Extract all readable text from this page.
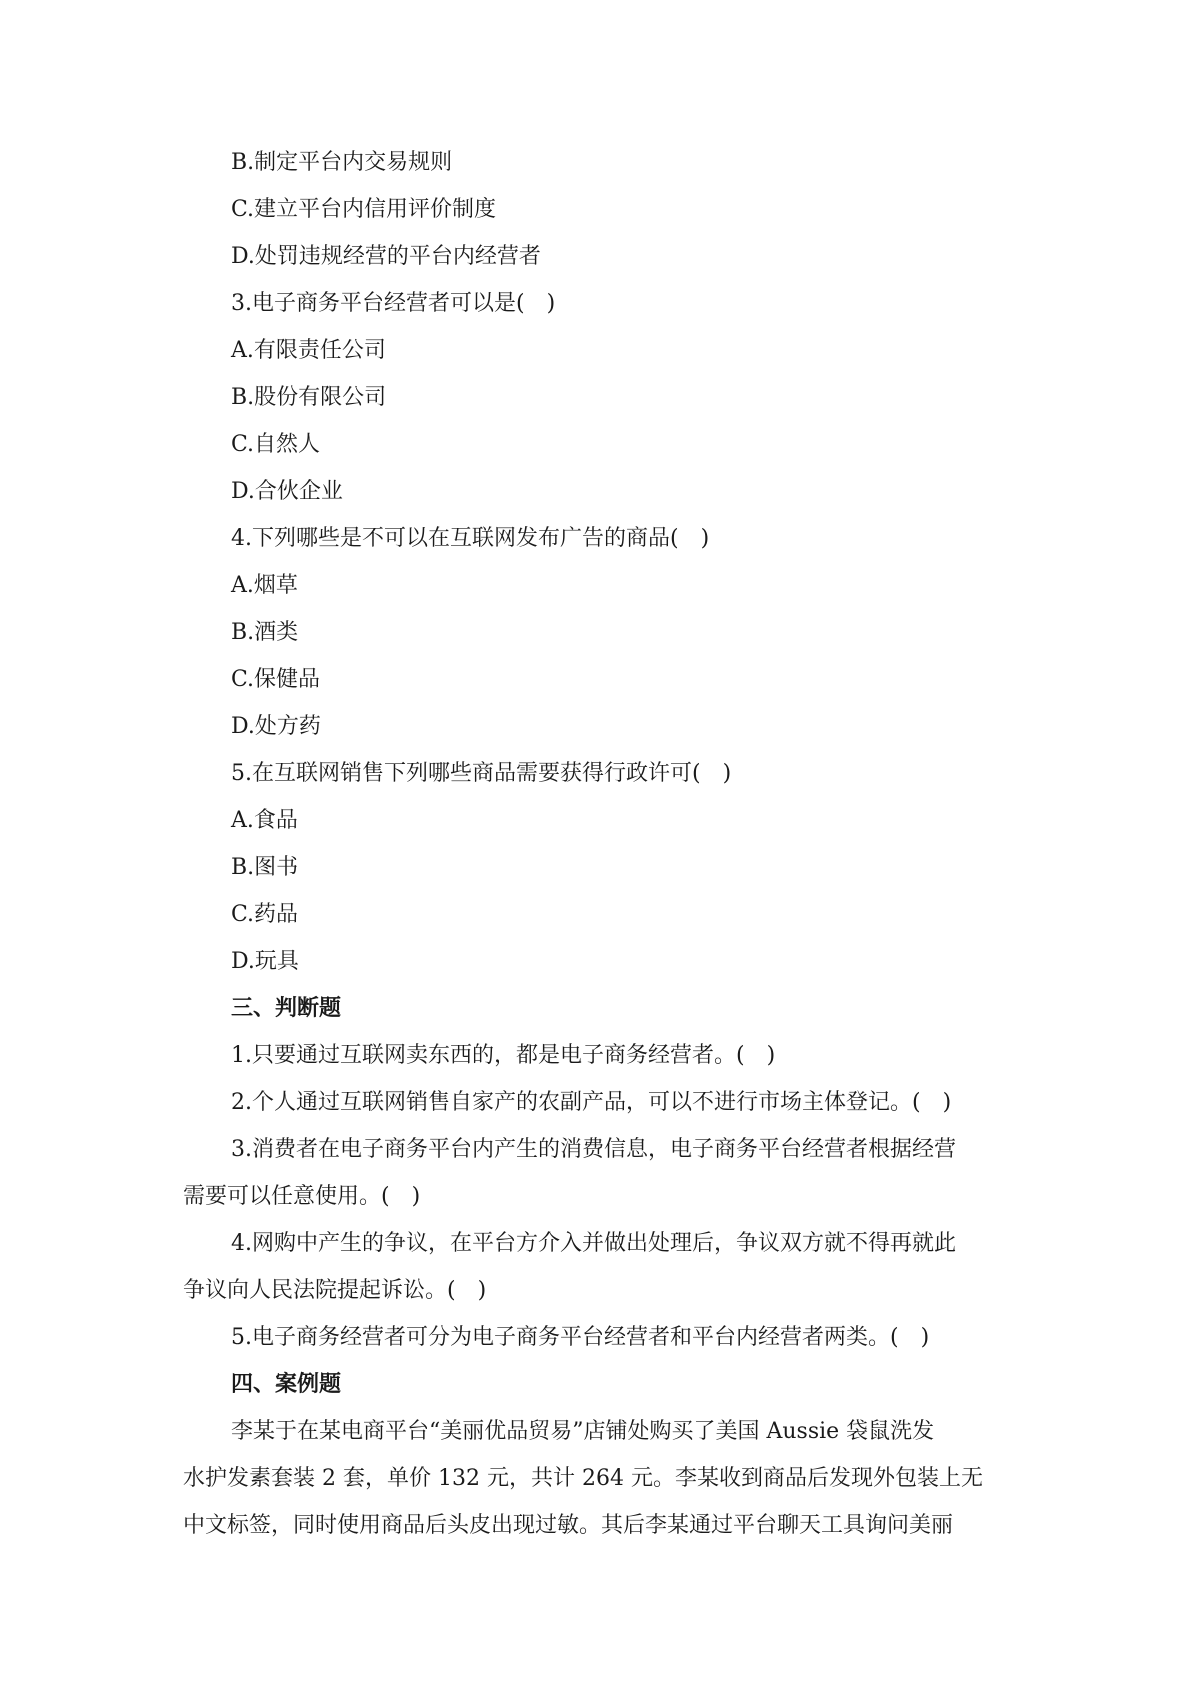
B.制定平台内交易规则
C.建立平台内信用评价制度
D.处罚违规经营的平台内经营者
3.电子商务平台经营者可以是(　)
A.有限责任公司
B.股份有限公司
C.自然人
D.合伙企业
4.下列哪些是不可以在互联网发布广告的商品(　)
A.烟草
B.酒类
C.保健品
D.处方药
5.在互联网销售下列哪些商品需要获得行政许可(　)
A.食品
B.图书
C.药品
D.玩具
三、判断题
1.只要通过互联网卖东西的，都是电子商务经营者。(　)
2.个人通过互联网销售自家产的农副产品，可以不进行市场主体登记。(　)
3.消费者在电子商务平台内产生的消费信息，电子商务平台经营者根据经营
需要可以任意使用。(　)
4.网购中产生的争议，在平台方介入并做出处理后，争议双方就不得再就此
争议向人民法院提起诉讼。(　)
5.电子商务经营者可分为电子商务平台经营者和平台内经营者两类。(　)
四、案例题
李某于在某电商平台“美丽优品贸易”店铺处购买了美国 Aussie 袋鼠洗发
水护发素套装 2 套，单价 132 元，共计 264 元。李某收到商品后发现外包装上无
中文标签，同时使用商品后头皮出现过敏。其后李某通过平台聊天工具询问美丽
